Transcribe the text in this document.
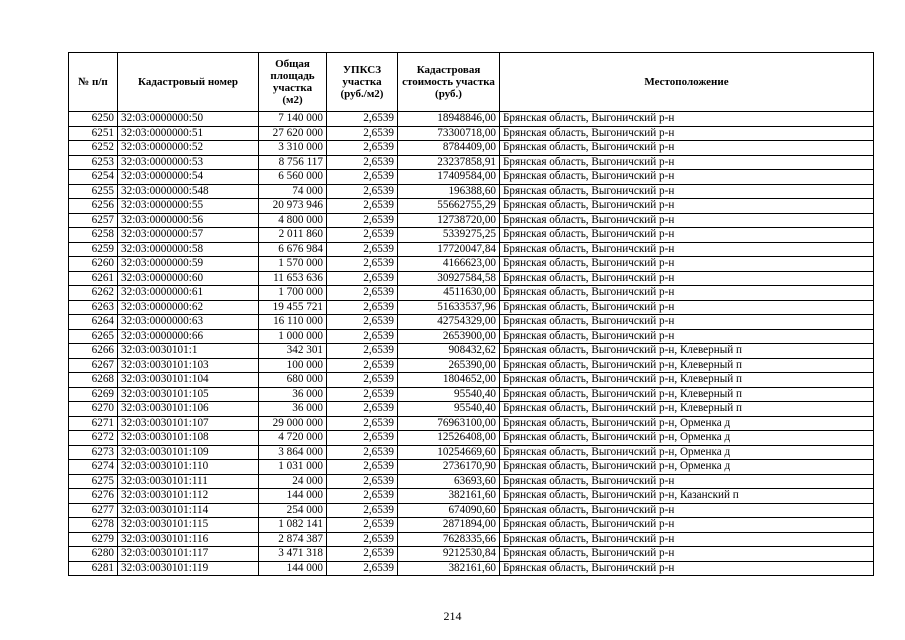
№ п/п	Кадастровый номер	Общая площадь участка (м2)	УПКСЗ участка (руб./м2)	Кадастровая стоимость участка (руб.)	Местоположение
6250	32:03:0000000:50	7 140 000	2,6539	18948846,00	Брянская область, Выгоничский р-н
6251	32:03:0000000:51	27 620 000	2,6539	73300718,00	Брянская область, Выгоничский р-н
6252	32:03:0000000:52	3 310 000	2,6539	8784409,00	Брянская область, Выгоничский р-н
6253	32:03:0000000:53	8 756 117	2,6539	23237858,91	Брянская область, Выгоничский р-н
6254	32:03:0000000:54	6 560 000	2,6539	17409584,00	Брянская область, Выгоничский р-н
6255	32:03:0000000:548	74 000	2,6539	196388,60	Брянская область, Выгоничский р-н
6256	32:03:0000000:55	20 973 946	2,6539	55662755,29	Брянская область, Выгоничский р-н
6257	32:03:0000000:56	4 800 000	2,6539	12738720,00	Брянская область, Выгоничский р-н
6258	32:03:0000000:57	2 011 860	2,6539	5339275,25	Брянская область, Выгоничский р-н
6259	32:03:0000000:58	6 676 984	2,6539	17720047,84	Брянская область, Выгоничский р-н
6260	32:03:0000000:59	1 570 000	2,6539	4166623,00	Брянская область, Выгоничский р-н
6261	32:03:0000000:60	11 653 636	2,6539	30927584,58	Брянская область, Выгоничский р-н
6262	32:03:0000000:61	1 700 000	2,6539	4511630,00	Брянская область, Выгоничский р-н
6263	32:03:0000000:62	19 455 721	2,6539	51633537,96	Брянская область, Выгоничский р-н
6264	32:03:0000000:63	16 110 000	2,6539	42754329,00	Брянская область, Выгоничский р-н
6265	32:03:0000000:66	1 000 000	2,6539	2653900,00	Брянская область, Выгоничский р-н
6266	32:03:0030101:1	342 301	2,6539	908432,62	Брянская область, Выгоничский р-н, Клеверный п
6267	32:03:0030101:103	100 000	2,6539	265390,00	Брянская область, Выгоничский р-н, Клеверный п
6268	32:03:0030101:104	680 000	2,6539	1804652,00	Брянская область, Выгоничский р-н, Клеверный п
6269	32:03:0030101:105	36 000	2,6539	95540,40	Брянская область, Выгоничский р-н, Клеверный п
6270	32:03:0030101:106	36 000	2,6539	95540,40	Брянская область, Выгоничский р-н, Клеверный п
6271	32:03:0030101:107	29 000 000	2,6539	76963100,00	Брянская область, Выгоничский р-н, Орменка д
6272	32:03:0030101:108	4 720 000	2,6539	12526408,00	Брянская область, Выгоничский р-н, Орменка д
6273	32:03:0030101:109	3 864 000	2,6539	10254669,60	Брянская область, Выгоничский р-н, Орменка д
6274	32:03:0030101:110	1 031 000	2,6539	2736170,90	Брянская область, Выгоничский р-н, Орменка д
6275	32:03:0030101:111	24 000	2,6539	63693,60	Брянская область, Выгоничский р-н
6276	32:03:0030101:112	144 000	2,6539	382161,60	Брянская область, Выгоничский р-н, Казанский п
6277	32:03:0030101:114	254 000	2,6539	674090,60	Брянская область, Выгоничский р-н
6278	32:03:0030101:115	1 082 141	2,6539	2871894,00	Брянская область, Выгоничский р-н
6279	32:03:0030101:116	2 874 387	2,6539	7628335,66	Брянская область, Выгоничский р-н
6280	32:03:0030101:117	3 471 318	2,6539	9212530,84	Брянская область, Выгоничский р-н
6281	32:03:0030101:119	144 000	2,6539	382161,60	Брянская область, Выгоничский р-н
214
